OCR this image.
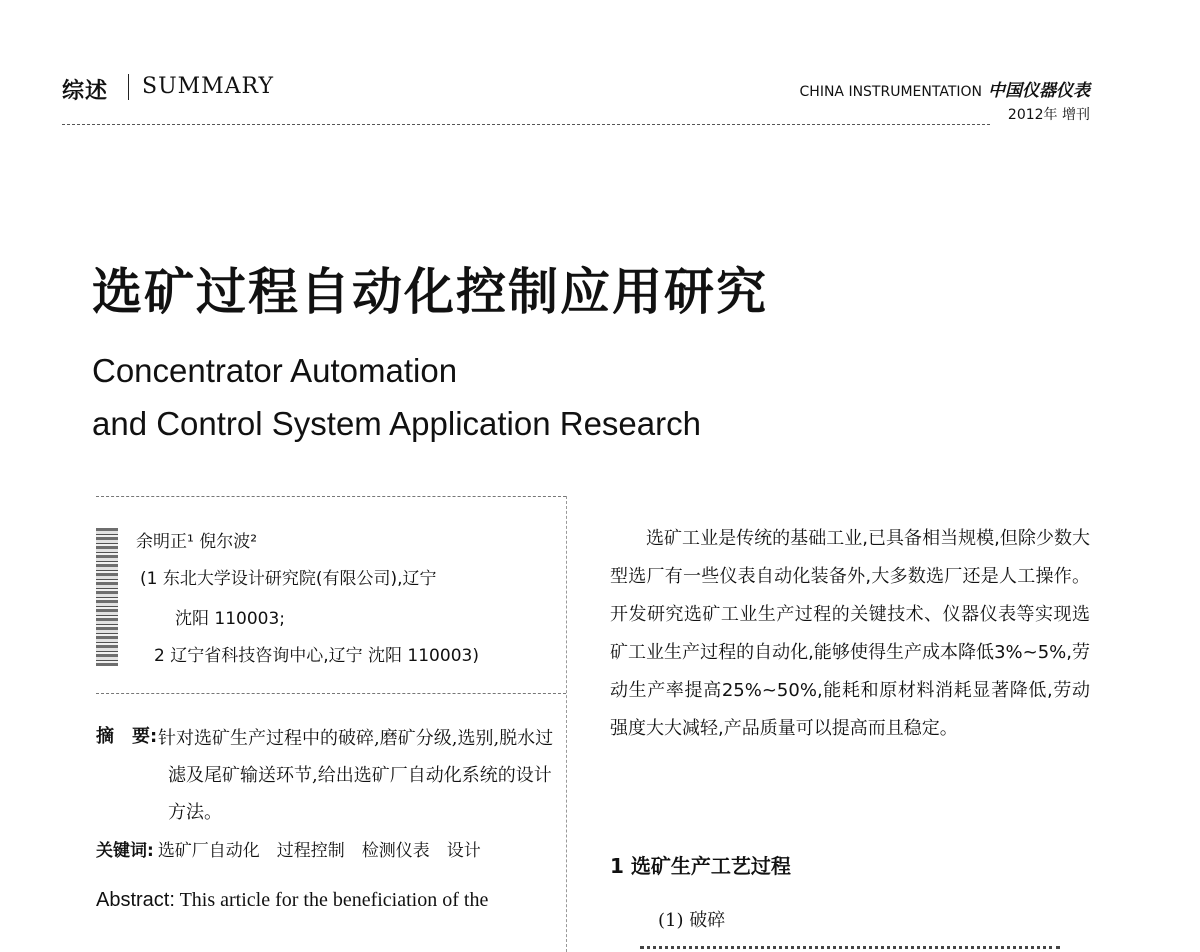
综述 SUMMARY	CHINA INSTRUMENTATION 中国仪器仪表
2012年 增刊
选矿过程自动化控制应用研究
Concentrator Automation
and Control System Application Research
余明正¹ 倪尔波²
(1 东北大学设计研究院(有限公司),辽宁
沈阳 110003;
2 辽宁省科技咨询中心,辽宁 沈阳 110003)
摘　要: 针对选矿生产过程中的破碎,磨矿分级,选别,脱水过滤及尾矿输送环节,给出选矿厂自动化系统的设计方法。
关键词: 选矿厂自动化　过程控制　检测仪表　设计
Abstract: This article for the beneficiation of the
选矿工业是传统的基础工业,已具备相当规模,但除少数大型选厂有一些仪表自动化装备外,大多数选厂还是人工操作。开发研究选矿工业生产过程的关键技术、仪器仪表等实现选矿工业生产过程的自动化,能够使得生产成本降低3%~5%,劳动生产率提高25%~50%,能耗和原材料消耗显著降低,劳动强度大大减轻,产品质量可以提高而且稳定。
1 选矿生产工艺过程
(1) 破碎
